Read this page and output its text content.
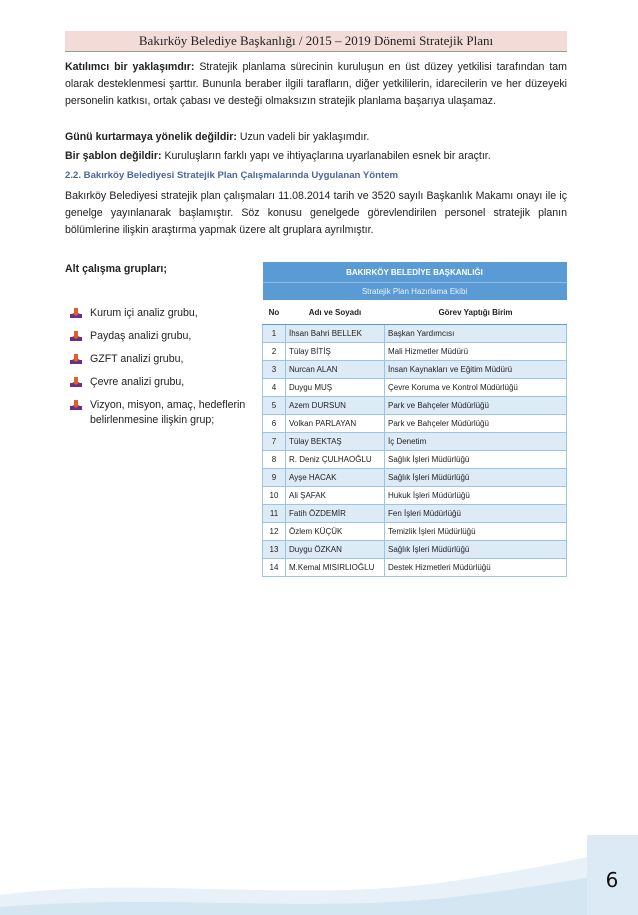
Bakırköy Belediye Başkanlığı / 2015 – 2019 Dönemi Stratejik Planı

Katılımcı bir yaklaşımdır: Stratejik planlama sürecinin kuruluşun en üst düzey yetkilisi tarafından tam olarak desteklenmesi şarttır. Bununla beraber ilgili tarafların, diğer yetkililerin, idarecilerin ve her düzeyeki personelin katkısı, ortak çabası ve desteği olmaksızın stratejik planlama başarıya ulaşamaz.

Günü kurtarmaya yönelik değildir: Uzun vadeli bir yaklaşımdır.

Bir şablon değildir: Kuruluşların farklı yapı ve ihtiyaçlarına uyarlanabilen esnek bir araçtır.

2.2. Bakırköy Belediyesi Stratejik Plan Çalışmalarında Uygulanan Yöntem

Bakırköy Belediyesi stratejik plan çalışmaları 11.08.2014 tarih ve 3520 sayılı Başkanlık Makamı onayı ile iç genelge yayınlanarak başlamıştır. Söz konusu genelgede görevlendirilen personel stratejik planın bölümlerine ilişkin araştırma yapmak üzere alt gruplara ayrılmıştır.

Alt çalışma grupları;

Kurum içi analiz grubu,
Paydaş analizi grubu,
GZFT analizi grubu,
Çevre analizi grubu,
Vizyon, misyon, amaç, hedeflerin belirlenmesine ilişkin grup;
BAKIRKÖY BELEDİYE BAŞKANLIĞI		
Stratejik Plan Hazırlama Ekibi		
No	Adı ve Soyadı	Görev Yaptığı Birim
1	İhsan Bahri BELLEK	Başkan Yardımcısı
2	Tülay BİTİŞ	Mali Hizmetler Müdürü
3	Nurcan ALAN	İnsan Kaynakları ve Eğitim Müdürü
4	Duygu MUŞ	Çevre Koruma ve Kontrol Müdürlüğü
5	Azem DURSUN	Park ve Bahçeler Müdürlüğü
6	Volkan PARLAYAN	Park ve Bahçeler Müdürlüğü
7	Tülay BEKTAŞ	İç Denetim
8	R. Deniz ÇULHAOĞLU	Sağlık İşleri Müdürlüğü
9	Ayşe HACAK	Sağlık İşleri Müdürlüğü
10	Ali ŞAFAK	Hukuk İşleri Müdürlüğü
11	Fatih ÖZDEMİR	Fen İşleri Müdürlüğü
12	Özlem KÜÇÜK	Temizlik İşleri Müdürlüğü
13	Duygu ÖZKAN	Sağlık İşleri Müdürlüğü
14	M.Kemal MISIRLIOĞLU	Destek Hizmetleri Müdürlüğü
6
